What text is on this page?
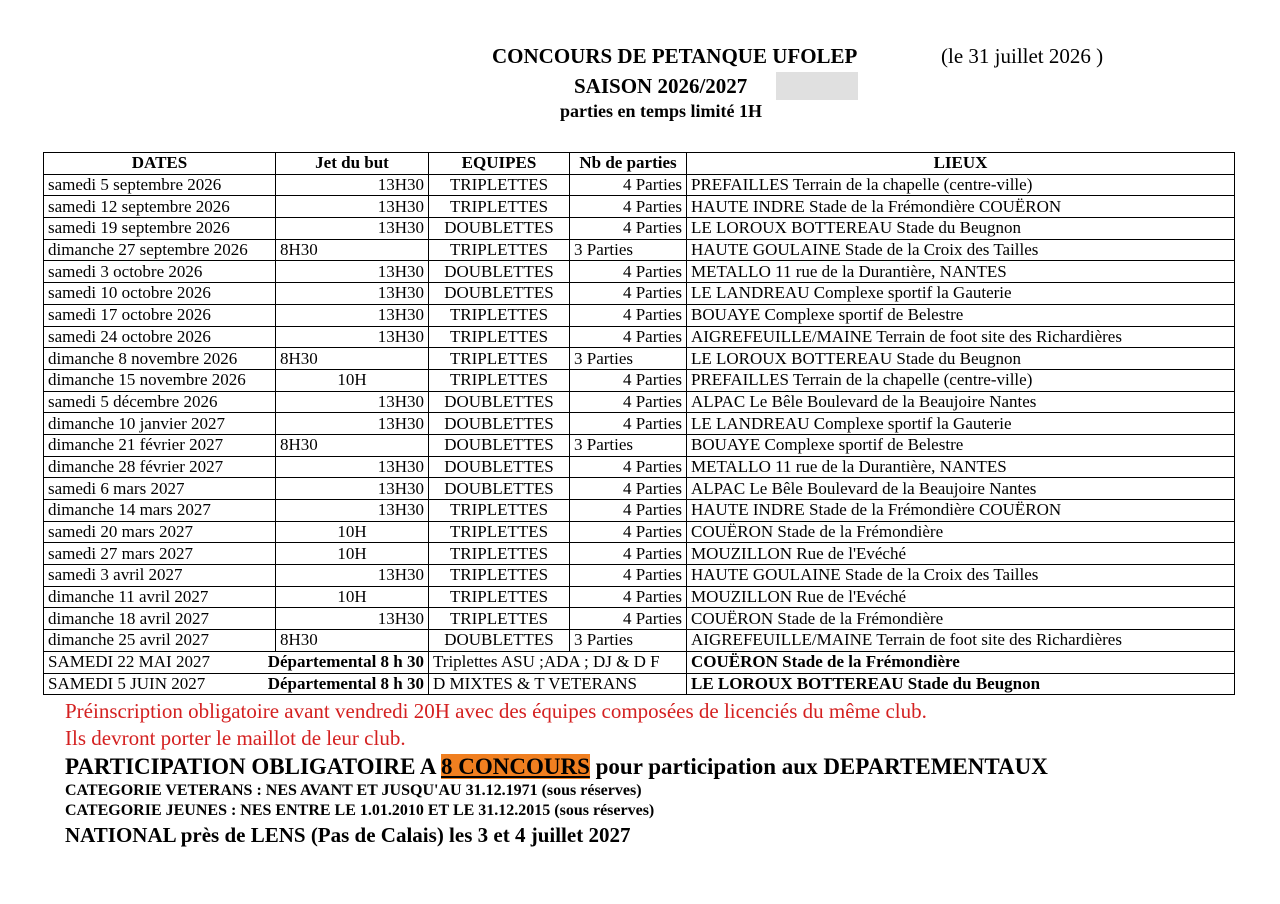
CONCOURS DE PETANQUE UFOLEP	(le 31 juillet 2026 )
SAISON 2026/2027
parties en temps limité 1H
DATES	Jet du but	EQUIPES	Nb de parties	LIEUX
samedi 5 septembre 2026	13H30	TRIPLETTES	4 Parties	PREFAILLES Terrain de la chapelle (centre-ville)
samedi 12 septembre 2026	13H30	TRIPLETTES	4 Parties	HAUTE INDRE Stade de la Frémondière COUËRON
samedi 19 septembre 2026	13H30	DOUBLETTES	4 Parties	LE LOROUX BOTTEREAU Stade du Beugnon
dimanche 27 septembre 2026	8H30	TRIPLETTES	3 Parties	HAUTE GOULAINE Stade de la Croix des Tailles
samedi 3 octobre 2026	13H30	DOUBLETTES	4 Parties	METALLO 11 rue de la Durantière, NANTES
samedi 10 octobre 2026	13H30	DOUBLETTES	4 Parties	LE LANDREAU Complexe sportif la Gauterie
samedi 17 octobre 2026	13H30	TRIPLETTES	4 Parties	BOUAYE Complexe sportif de Belestre
samedi 24 octobre 2026	13H30	TRIPLETTES	4 Parties	AIGREFEUILLE/MAINE Terrain de foot site des Richardières
dimanche 8 novembre 2026	8H30	TRIPLETTES	3 Parties	LE LOROUX BOTTEREAU Stade du Beugnon
dimanche 15 novembre 2026	10H	TRIPLETTES	4 Parties	PREFAILLES Terrain de la chapelle (centre-ville)
samedi 5 décembre 2026	13H30	DOUBLETTES	4 Parties	ALPAC Le Bêle Boulevard de la Beaujoire Nantes
dimanche 10 janvier 2027	13H30	DOUBLETTES	4 Parties	LE LANDREAU Complexe sportif la Gauterie
dimanche 21 février 2027	8H30	DOUBLETTES	3 Parties	BOUAYE Complexe sportif de Belestre
dimanche 28 février 2027	13H30	DOUBLETTES	4 Parties	METALLO 11 rue de la Durantière, NANTES
samedi 6 mars 2027	13H30	DOUBLETTES	4 Parties	ALPAC Le Bêle Boulevard de la Beaujoire Nantes
dimanche 14 mars 2027	13H30	TRIPLETTES	4 Parties	HAUTE INDRE Stade de la Frémondière COUËRON
samedi 20 mars 2027	10H	TRIPLETTES	4 Parties	COUËRON Stade de la Frémondière
samedi 27 mars 2027	10H	TRIPLETTES	4 Parties	MOUZILLON Rue de l'Evéché
samedi 3 avril 2027	13H30	TRIPLETTES	4 Parties	HAUTE GOULAINE Stade de la Croix des Tailles
dimanche 11 avril 2027	10H	TRIPLETTES	4 Parties	MOUZILLON Rue de l'Evéché
dimanche 18 avril 2027	13H30	TRIPLETTES	4 Parties	COUËRON Stade de la Frémondière
dimanche 25 avril 2027	8H30	DOUBLETTES	3 Parties	AIGREFEUILLE/MAINE Terrain de foot site des Richardières

SAMEDI 22 MAI 2027 Départemental 8 h 30		Triplettes ASU ;ADA ; DJ & D F		COUËRON Stade de la Frémondière

SAMEDI 5 JUIN 2027 Départemental 8 h 30		D MIXTES & T VETERANS		LE LOROUX BOTTEREAU Stade du Beugnon
Préinscription obligatoire avant vendredi 20H avec des équipes composées de licenciés du même club.
Ils devront porter le maillot de leur club.
PARTICIPATION OBLIGATOIRE A 8 CONCOURS pour participation aux DEPARTEMENTAUX
CATEGORIE VETERANS : NES AVANT ET JUSQU'AU 31.12.1971 (sous réserves)
CATEGORIE JEUNES : NES ENTRE LE 1.01.2010 ET LE 31.12.2015 (sous réserves)
NATIONAL près de LENS (Pas de Calais) les 3 et 4 juillet 2027
